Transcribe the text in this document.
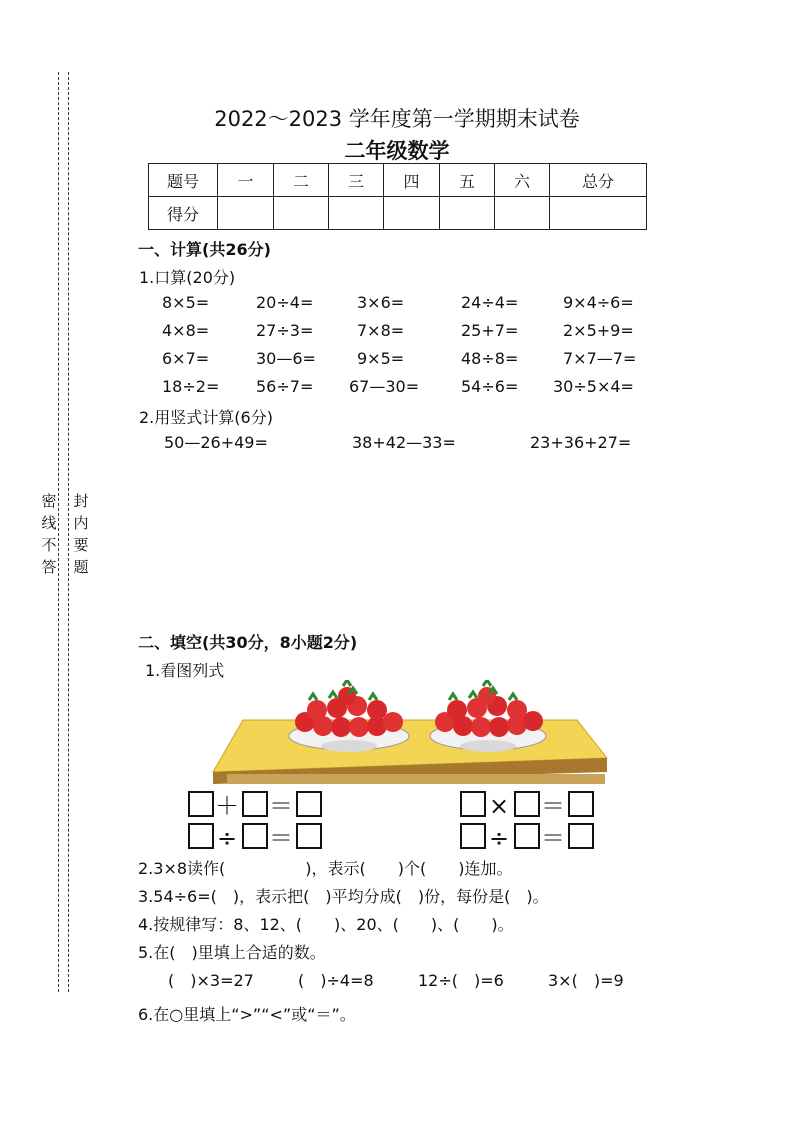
密
线
不
答
封
内
要
题
2022～2023 学年度第一学期期末试卷
二年级数学
题号	一	二	三	四	五	六	总分
得分							
一、计算(共26分)
1.口算(20分)
8×5=	20÷4=	3×6=	24÷4=	9×4÷6=
4×8=	27÷3=	7×8=	25+7=	2×5+9=
6×7=	30—6=	9×5=	48÷8=	7×7—7=
18÷2= 56÷7= 67—30=	54÷6= 30÷5×4=
2.用竖式计算(6分)
50—26+49=	38+42—33=	23+36+27=
二、填空(共30分，8小题2分)
1.看图列式
＋ ＝
÷ ＝
× ＝
÷ ＝
2.3×8读作(　　　　　)，表示(　　)个(　　)连加。
3.54÷6=(　)，表示把(　)平均分成(　)份，每份是(　)。
4.按规律写：8、12、(　　)、20、(　　)、(　　)。
5.在(　)里填上合适的数。
(　)×3=27	(　)÷4=8	12÷(　)=6	3×(　)=9
6.在○里填上“>”“<”或“＝”。
